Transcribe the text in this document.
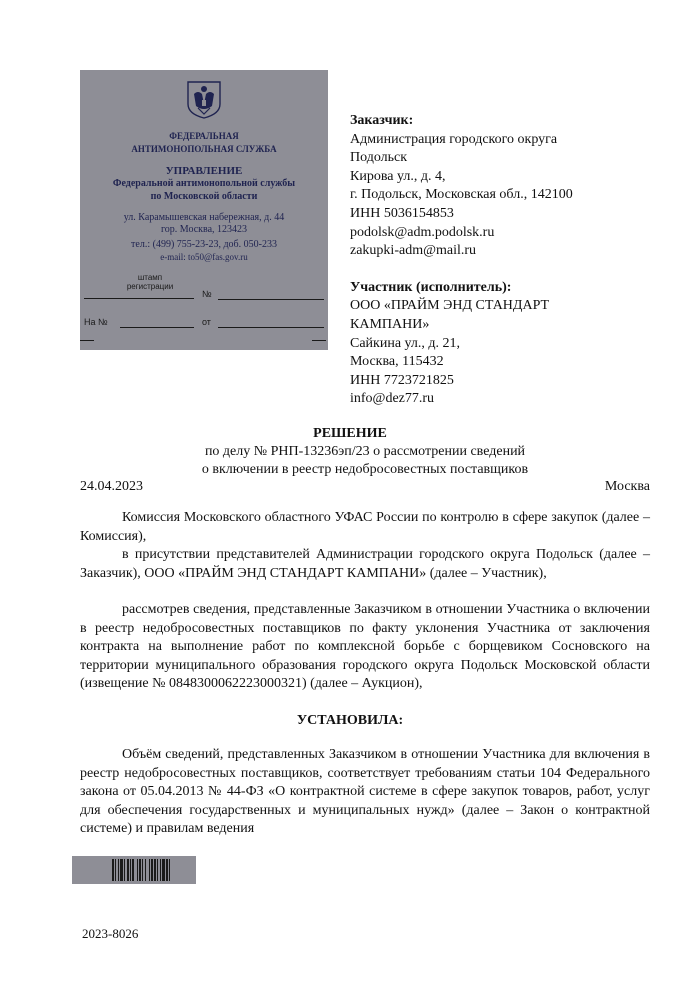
ФЕДЕРАЛЬНАЯ
АНТИМОНОПОЛЬНАЯ СЛУЖБА
УПРАВЛЕНИЕ
Федеральной антимонопольной службы
по Московской области
ул. Карамышевская набережная, д. 44
гор. Москва, 123423
тел.: (499) 755-23-23, доб. 050-233
e-mail: to50@fas.gov.ru
штамп регистрации
№
На №	от
Заказчик:
Администрация городского округа
Подольск
Кирова ул., д. 4,
г. Подольск, Московская обл., 142100
ИНН 5036154853
podolsk@adm.podolsk.ru
zakupki-adm@mail.ru
Участник (исполнитель):
ООО «ПРАЙМ ЭНД СТАНДАРТ
КАМПАНИ»
Сайкина ул., д. 21,
Москва, 115432
ИНН 7723721825
info@dez77.ru
РЕШЕНИЕ
по делу № РНП-13236эп/23 о рассмотрении сведений
о включении в реестр недобросовестных поставщиков
24.04.2023	Москва
Комиссия Московского областного УФАС России по контролю в сфере закупок (далее – Комиссия),
в присутствии представителей Администрации городского округа Подольск (далее – Заказчик), ООО «ПРАЙМ ЭНД СТАНДАРТ КАМПАНИ» (далее – Участник),
рассмотрев сведения, представленные Заказчиком в отношении Участника о включении в реестр недобросовестных поставщиков по факту уклонения Участника от заключения контракта на выполнение работ по комплексной борьбе с борщевиком Сосновского на территории муниципального образования городского округа Подольск Московской области (извещение № 0848300062223000321) (далее – Аукцион),
УСТАНОВИЛА:
Объём сведений, представленных Заказчиком в отношении Участника для включения в реестр недобросовестных поставщиков, соответствует требованиям статьи 104 Федерального закона от 05.04.2013 № 44-ФЗ «О контрактной системе в сфере закупок товаров, работ, услуг для обеспечения государственных и муниципальных нужд» (далее – Закон о контрактной системе) и правилам ведения
2023-8026
